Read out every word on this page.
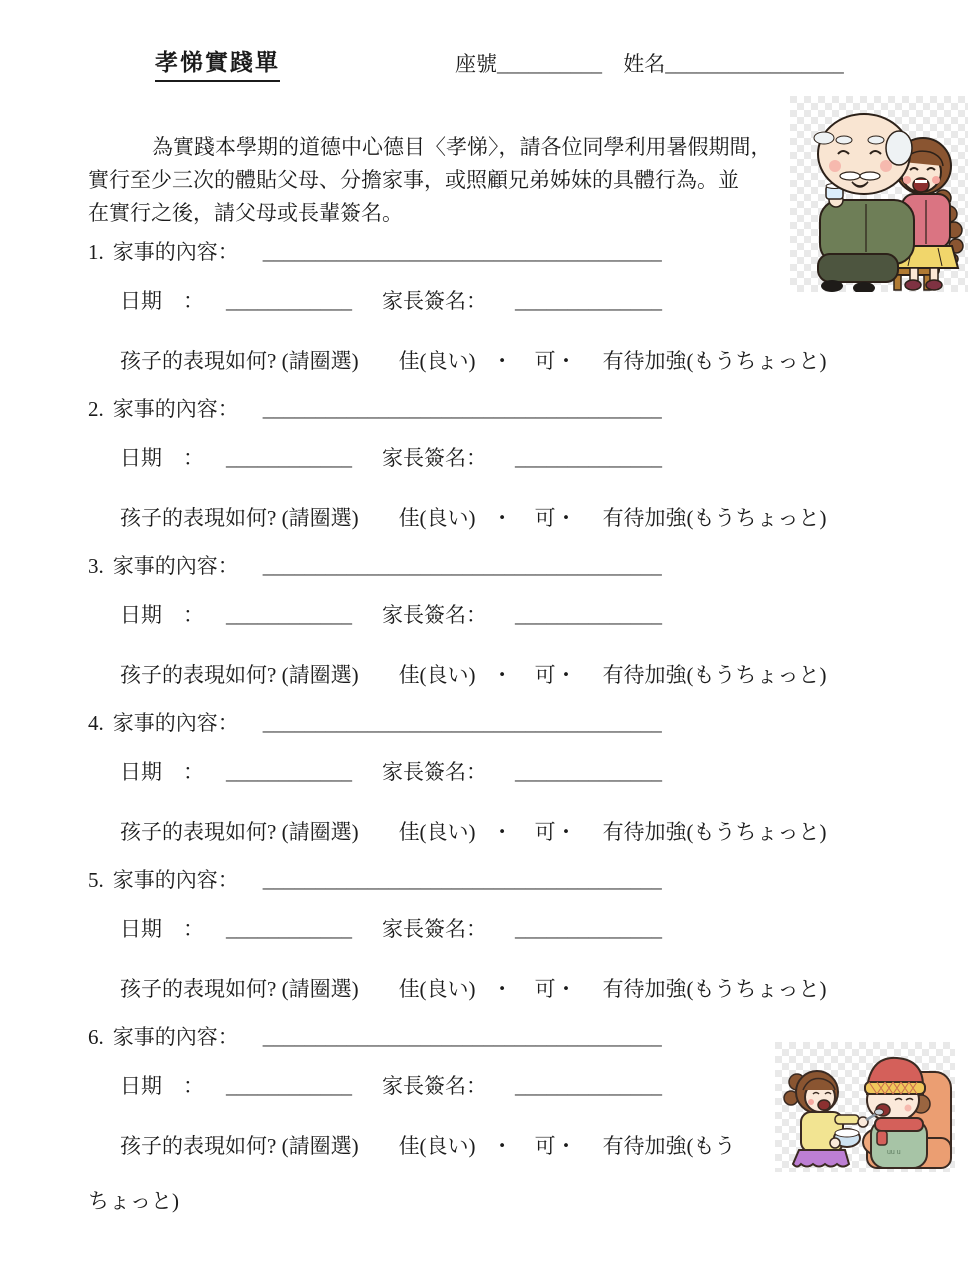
孝悌實踐單	座號__________ 姓名_________________
為實踐本學期的道德中心德目〈孝悌〉，請各位同學利用暑假期間，
實行至少三次的體貼父母、分擔家事，或照顧兄弟姊妹的具體行為。並
在實行之後，請父母或長輩簽名。
1. 家事的內容： ______________________________________
日期　： ____________ 家長簽名： ______________
孩子的表現如何? (請圈選) 佳(良い) ・ 可・ 有待加強(もうちょっと)
2. 家事的內容： ______________________________________
日期　： ____________ 家長簽名： ______________
孩子的表現如何? (請圈選) 佳(良い) ・ 可・ 有待加強(もうちょっと)
3. 家事的內容： ______________________________________
日期　： ____________ 家長簽名： ______________
孩子的表現如何? (請圈選) 佳(良い) ・ 可・ 有待加強(もうちょっと)
4. 家事的內容： ______________________________________
日期　： ____________ 家長簽名： ______________
孩子的表現如何? (請圈選) 佳(良い) ・ 可・ 有待加強(もうちょっと)
5. 家事的內容： ______________________________________
日期　： ____________ 家長簽名： ______________
孩子的表現如何? (請圈選) 佳(良い) ・ 可・ 有待加強(もうちょっと)
6. 家事的內容： ______________________________________
日期　： ____________ 家長簽名： ______________
孩子的表現如何? (請圈選) 佳(良い) ・ 可・ 有待加強(もう
ちょっと)
uu u
